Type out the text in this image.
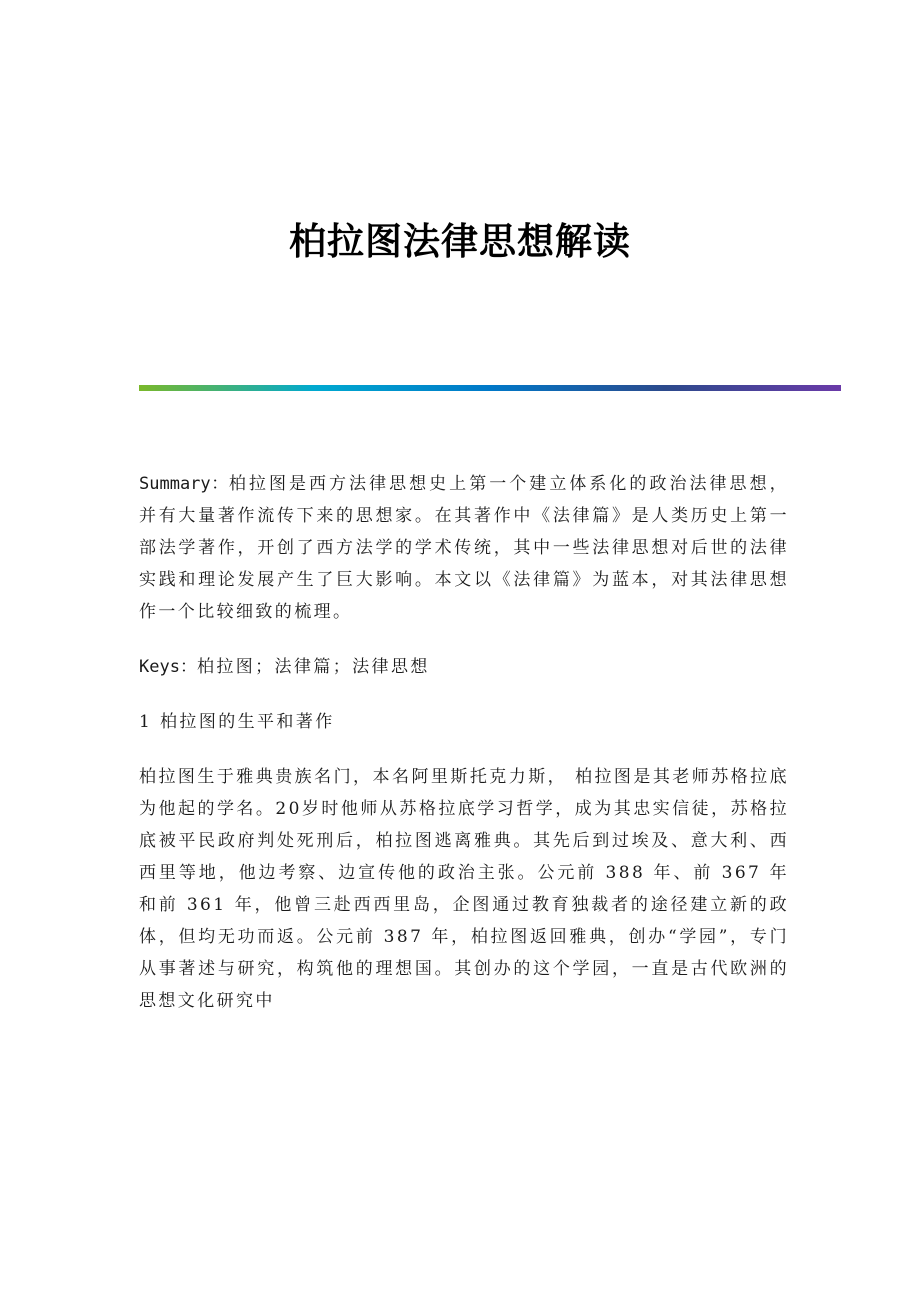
柏拉图法律思想解读

Summary：柏拉图是西方法律思想史上第一个建立体系化的政治法律思想，并有大量著作流传下来的思想家。在其著作中《法律篇》是人类历史上第一部法学著作，开创了西方法学的学术传统，其中一些法律思想对后世的法律实践和理论发展产生了巨大影响。本文以《法律篇》为蓝本，对其法律思想作一个比较细致的梳理。

Keys：柏拉图；法律篇；法律思想

1 柏拉图的生平和著作

柏拉图生于雅典贵族名门，本名阿里斯托克力斯， 柏拉图是其老师苏格拉底为他起的学名。20岁时他师从苏格拉底学习哲学，成为其忠实信徒，苏格拉底被平民政府判处死刑后，柏拉图逃离雅典。其先后到过埃及、意大利、西西里等地，他边考察、边宣传他的政治主张。公元前 388 年、前 367 年和前 361 年，他曾三赴西西里岛，企图通过教育独裁者的途径建立新的政体，但均无功而返。公元前 387 年，柏拉图返回雅典，创办“学园”，专门从事著述与研究，构筑他的理想国。其创办的这个学园，一直是古代欧洲的思想文化研究中
